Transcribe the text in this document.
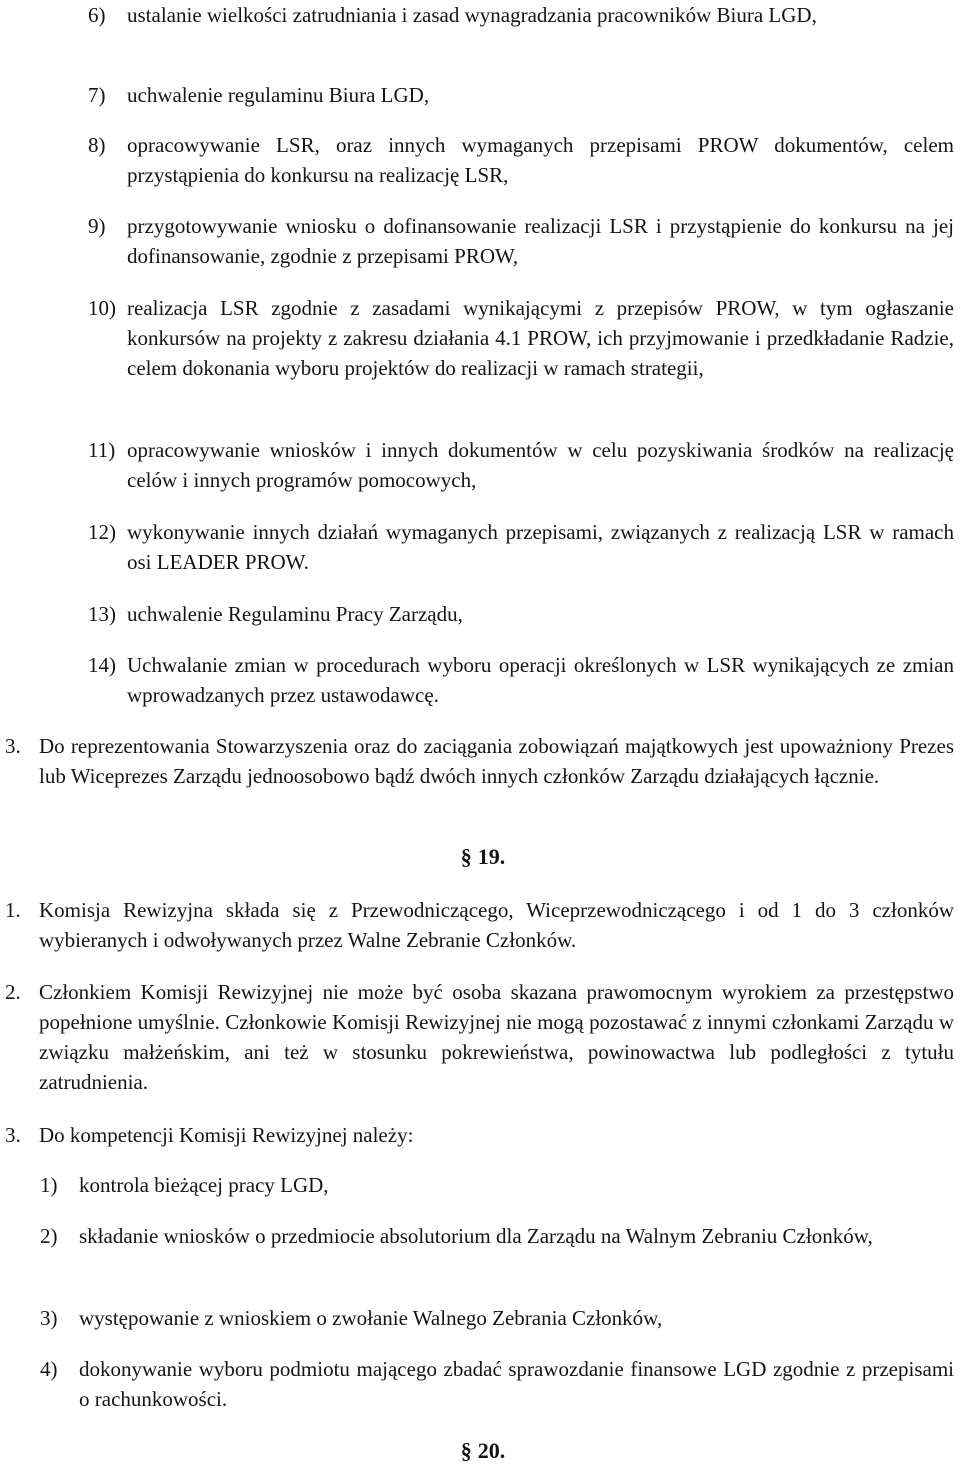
6) ustalanie wielkości zatrudniania i zasad wynagradzania pracowników Biura LGD,
7) uchwalenie regulaminu Biura LGD,
8) opracowywanie LSR, oraz innych wymaganych przepisami PROW dokumentów, celem przystąpienia do konkursu na realizację LSR,
9) przygotowywanie wniosku o dofinansowanie realizacji LSR i przystąpienie do konkursu na jej dofinansowanie, zgodnie z przepisami PROW,
10) realizacja LSR zgodnie z zasadami wynikającymi z przepisów PROW, w tym ogłaszanie konkursów na projekty z zakresu działania 4.1 PROW, ich przyjmowanie i przedkładanie Radzie, celem dokonania wyboru projektów do realizacji w ramach strategii,
11) opracowywanie wniosków i innych dokumentów w celu pozyskiwania środków na realizację celów i innych programów pomocowych,
12) wykonywanie innych działań wymaganych przepisami, związanych z realizacją LSR w ramach osi LEADER PROW.
13) uchwalenie Regulaminu Pracy Zarządu,
14) Uchwalanie zmian w procedurach wyboru operacji określonych w LSR wynikających ze zmian wprowadzanych przez ustawodawcę.
3. Do reprezentowania Stowarzyszenia oraz do zaciągania zobowiązań majątkowych jest upoważniony Prezes lub Wiceprezes Zarządu jednoosobowo bądź dwóch innych członków Zarządu działających łącznie.
§ 19.
1. Komisja Rewizyjna składa się z Przewodniczącego, Wiceprzewodniczącego i od 1 do 3 członków wybieranych i odwoływanych przez Walne Zebranie Członków.
2. Członkiem Komisji Rewizyjnej nie może być osoba skazana prawomocnym wyrokiem za przestępstwo popełnione umyślnie. Członkowie Komisji Rewizyjnej nie mogą pozostawać z innymi członkami Zarządu w związku małżeńskim, ani też w stosunku pokrewieństwa, powinowactwa lub podległości z tytułu zatrudnienia.
3. Do kompetencji Komisji Rewizyjnej należy:
1) kontrola bieżącej pracy LGD,
2) składanie wniosków o przedmiocie absolutorium dla Zarządu na Walnym Zebraniu Członków,
3) występowanie z wnioskiem o zwołanie Walnego Zebrania Członków,
4) dokonywanie wyboru podmiotu mającego zbadać sprawozdanie finansowe LGD zgodnie z przepisami o rachunkowości.
§ 20.
